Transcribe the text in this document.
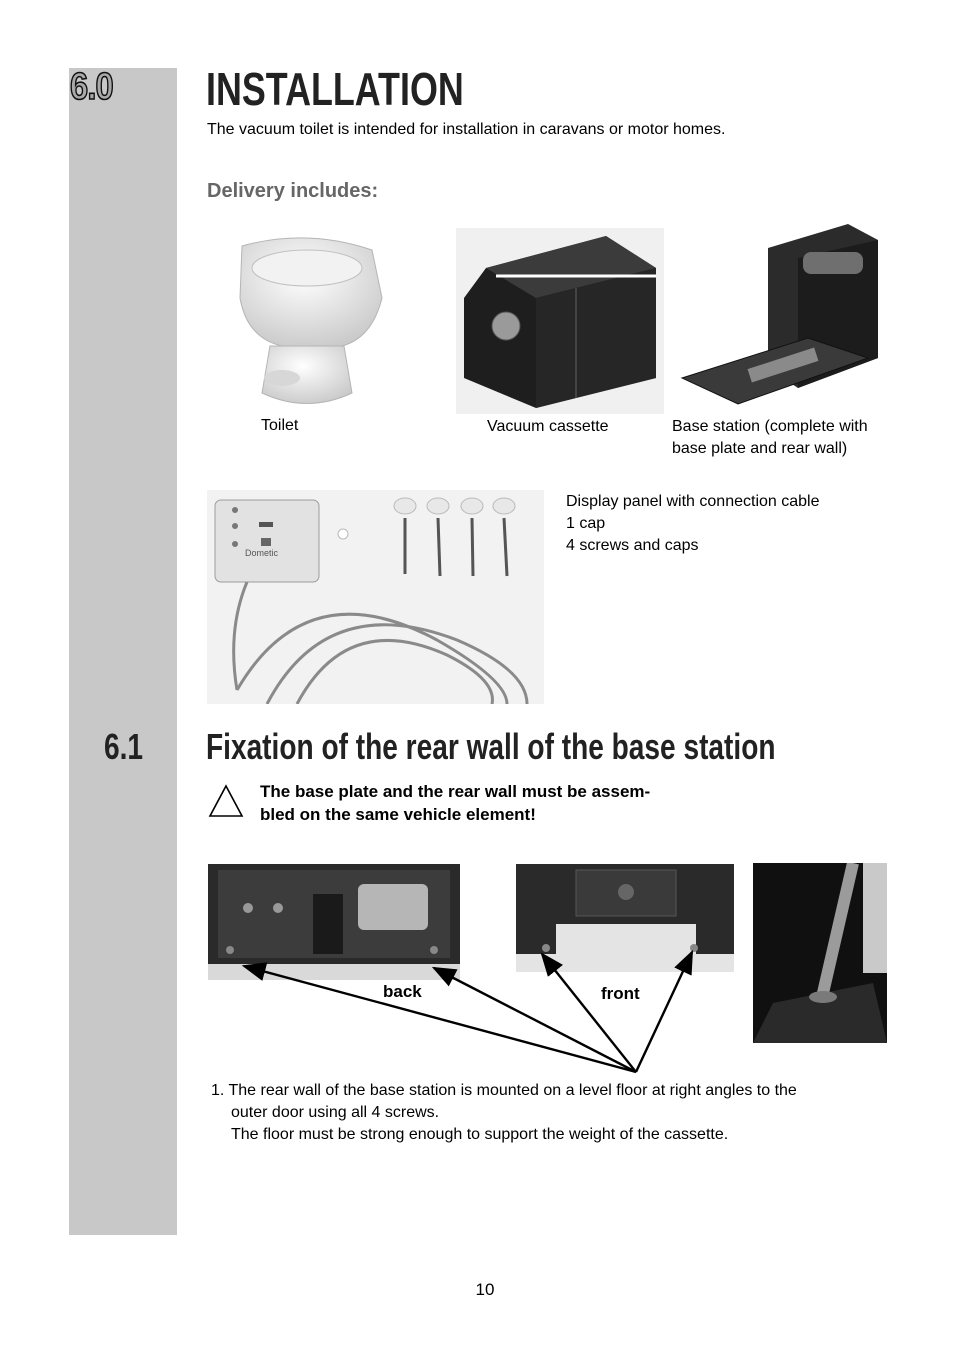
6.0 INSTALLATION
The vacuum toilet is intended for installation in caravans or motor homes.
Delivery includes:
Toilet	Vacuum cassette	Base station (complete with
base plate and rear wall)
Dometic
Display panel with connection cable
1 cap
4 screws and caps
6.1 Fixation of the rear wall of the base station
The base plate and the rear wall must be assem-
bled on the same vehicle element!
back	front
1. The rear wall of the base station is mounted on a level floor at right angles to the
outer door using all 4 screws.
The floor must be strong enough to support the weight of the cassette.
10
